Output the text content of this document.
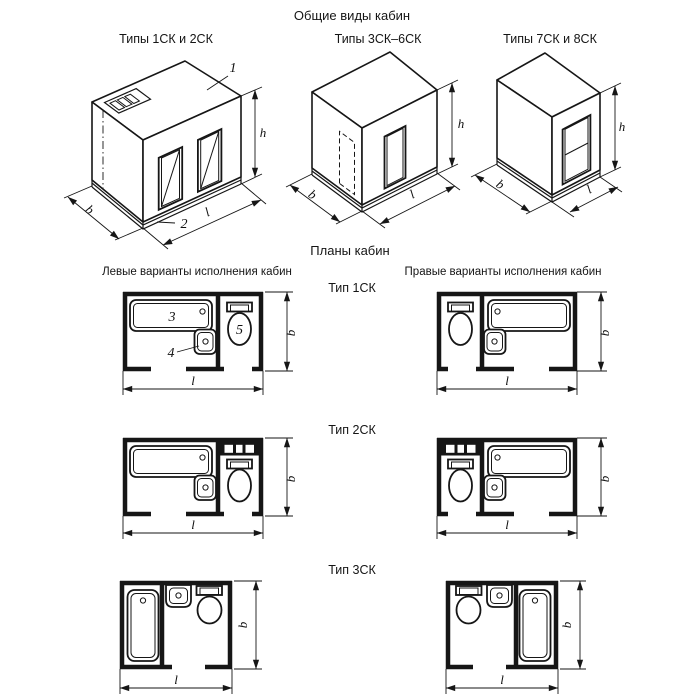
Общие виды кабин
Типы 1СК и 2СК	Типы 3СК–6СК	Типы 7СК и 8СК
Планы кабин
Левые варианты исполнения кабин	Правые варианты исполнения кабин
Тип 1СК
Тип 2СК
Тип 3СК
1
2
b	l
h
b	l
h
b	l
h
3
4
5	b
l
b
l
b
l
b
l
b
l
b
l
